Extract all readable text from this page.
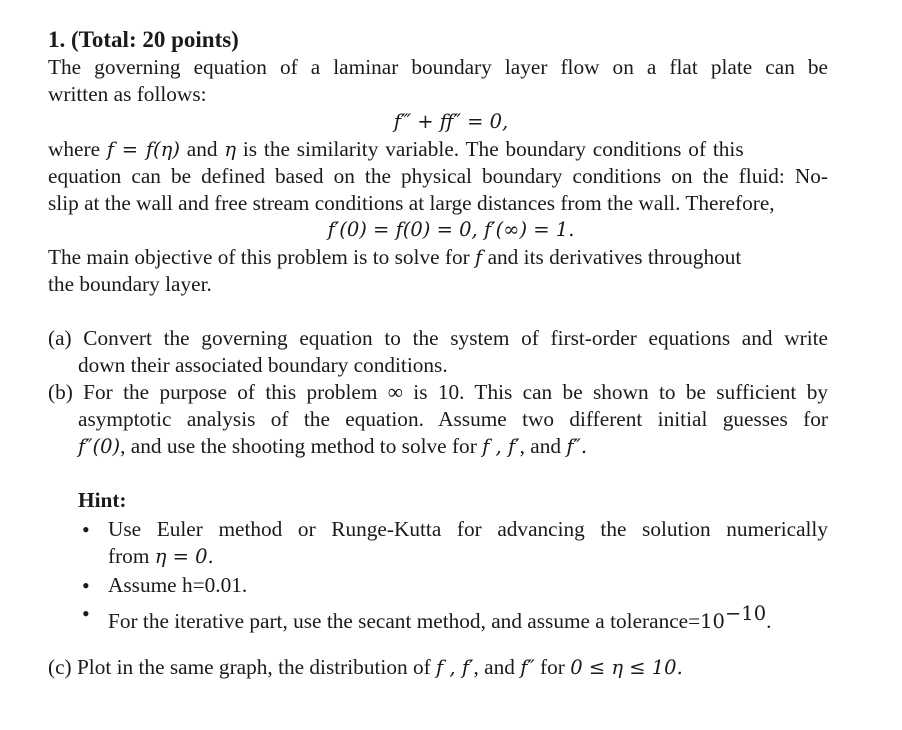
1. (Total: 20 points)
The governing equation of a laminar boundary layer flow on a flat plate can be
written as follows:
f‴ + ff″ = 0,
where f = f(η) and η is the similarity variable. The boundary conditions of this
equation can be defined based on the physical boundary conditions on the fluid: No-
slip at the wall and free stream conditions at large distances from the wall. Therefore,
f′(0) = f(0) = 0, f′(∞) = 1.
The main objective of this problem is to solve for f and its derivatives throughout
the boundary layer.
(a) Convert the governing equation to the system of first-order equations and write
down their associated boundary conditions.
(b) For the purpose of this problem ∞ is 10. This can be shown to be sufficient by
asymptotic analysis of the equation. Assume two different initial guesses for
f″(0), and use the shooting method to solve for f , f′, and f″.
Hint:
• Use Euler method or Runge-Kutta for advancing the solution numerically
from η = 0.
• Assume h=0.01.
• For the iterative part, use the secant method, and assume a $tolerance=10^{-10}$.
(c) Plot in the same graph, the distribution of f , f′, and f″ for 0 ≤ η ≤ 10.
